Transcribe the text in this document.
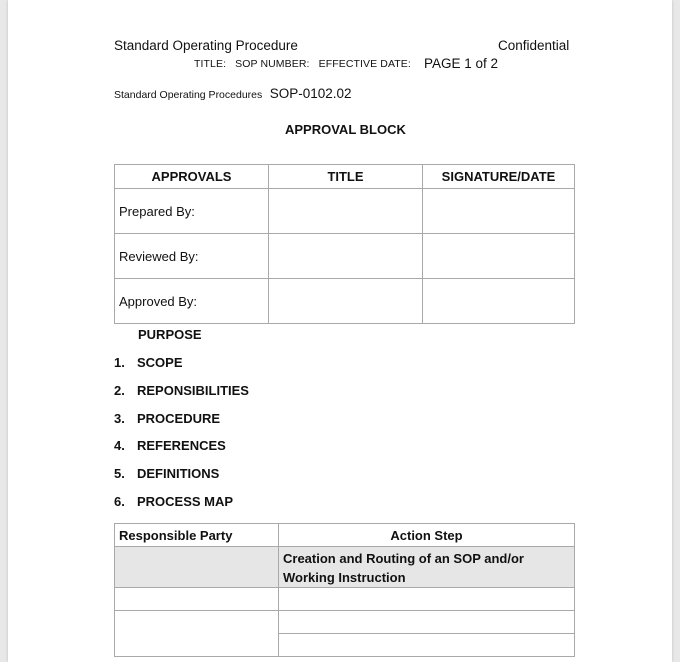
Standard Operating Procedure	Confidential
TITLE: SOP NUMBER: EFFECTIVE DATE: PAGE 1 of 2
Standard Operating Procedures SOP-0102.02
APPROVAL BLOCK
APPROVALS	TITLE	SIGNATURE/DATE
Prepared By:		
Reviewed By:		
Approved By:		
PURPOSE
1. SCOPE
2. REPONSIBILITIES
3. PROCEDURE
4. REFERENCES
5. DEFINITIONS
6. PROCESS MAP
Responsible Party	Action Step
	Creation and Routing of an SOP and/or Working Instruction
